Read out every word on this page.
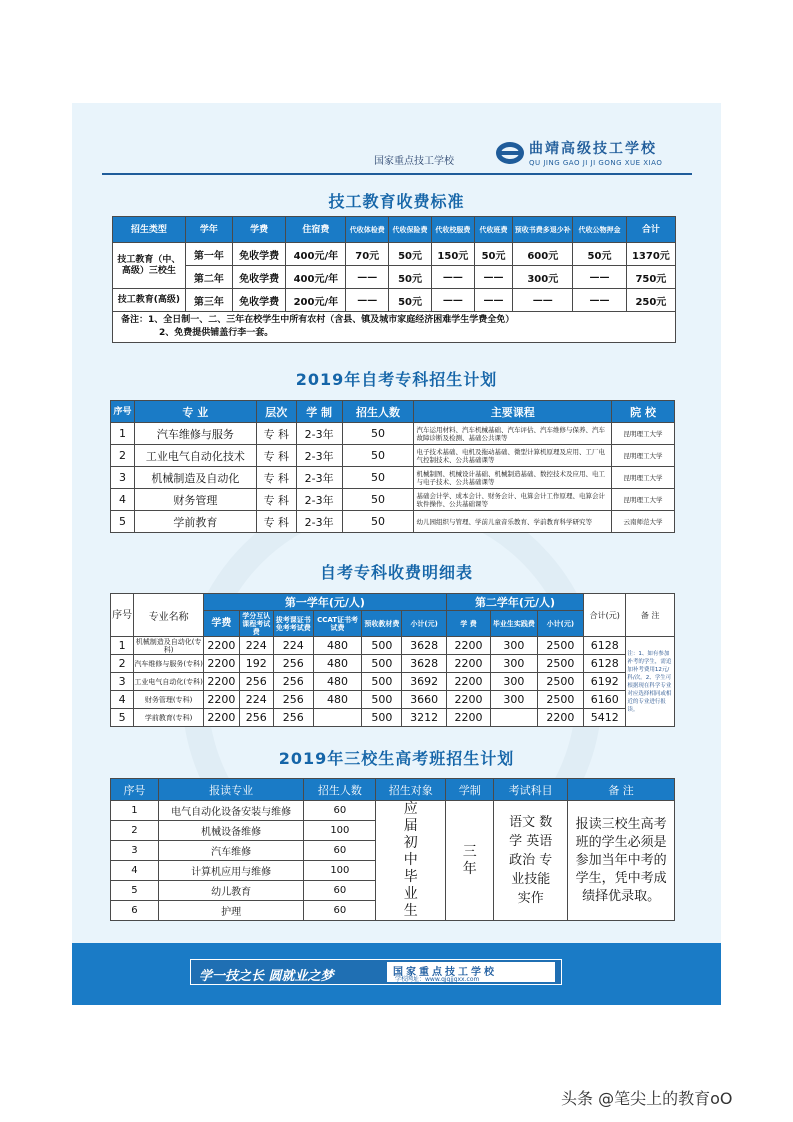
国家重点技工学校
曲靖高级技工学校
QU JING GAO JI JI GONG XUE XIAO
技工教育收费标准
招生类型	学年	学费	住宿费	代收体检费	代收保险费	代收校服费	代收班费	预收书费多退少补	代收公物押金	合计
技工教育（中、高级）三校生	第一年	免收学费	400元/年	70元	50元	150元	50元	600元	50元	1370元
	第二年	免收学费	400元/年	——	50元	——	——	300元	——	750元
技工教育(高级)	第三年	免收学费	200元/年	——	50元	——	——	——	——	250元

备注：1、全日制一、二、三年在校学生中所有农村（含县、镇及城市家庭经济困难学生学费全免）
2、免费提供铺盖行李一套。										
2019年自考专科招生计划
序号	专 业	层次	学 制	招生人数	主要课程	院 校
1	汽车维修与服务	专 科	2-3年	50	汽车运用材料、汽车机械基础、汽车评估、汽车维修与保养、汽车故障诊断及检测、基础公共课等	昆明理工大学
2	工业电气自动化技术	专 科	2-3年	50	电子技术基础、电机及拖动基础、微型计算机原理及应用、工厂电气控制技术、公共基础课等	昆明理工大学
3	机械制造及自动化	专 科	2-3年	50	机械制图、机械设计基础、机械制造基础、数控技术及应用、电工与电子技术、公共基础课等	昆明理工大学
4	财务管理	专 科	2-3年	50	基础会计学、成本会计、财务会计、电算会计工作原理、电算会计软件操作、公共基础课等	昆明理工大学
5	学前教育	专 科	2-3年	50	幼儿园组织与管理、学前儿童音乐教育、学前教育科学研究等	云南师范大学
自考专科收费明细表
序号	专业名称	第一学年(元/人)						第二学年(元/人)			合计(元)	备 注
		学费	学分互认课程考试费	拔考课证书免考考试费	CCAT证书考试费	预收教材费	小计(元)	学 费	毕业生实践费	小计(元)		
1	机械制造及自动化(专科)	2200	224	224	480	500	3628	2200	300	2500	6128	注：1、如有参加补考的学生，需追加补考费用12元/科/次。2、学生可根据现在科学专业对应选择相同或相近的专业进行报读。
2	汽车维修与服务(专科)	2200	192	256	480	500	3628	2200	300	2500	6128	
3	工业电气自动化(专科)	2200	256	256	480	500	3692	2200	300	2500	6192	
4	财务管理(专科)	2200	224	256	480	500	3660	2200	300	2500	6160	
5	学前教育(专科)	2200	256	256		500	3212	2200		2200	5412	
2019年三校生高考班招生计划
序号	报读专业	招生人数	招生对象	学制	考试科目	备 注
1	电气自动化设备安装与维修	60	应届初中毕业生	三年	语文 数学 英语 政治 专业技能 实作	报读三校生高考班的学生必须是参加当年中考的学生，凭中考成绩择优录取。
2	机械设备维修	100				
3	汽车维修	60				
4	计算机应用与维修	100				
5	幼儿教育	60				
6	护理	60				
学一技之长 圆就业之梦	国家重点技工学校
学校网址：www.qjgjjgxx.com
头条 @笔尖上的教育oO
